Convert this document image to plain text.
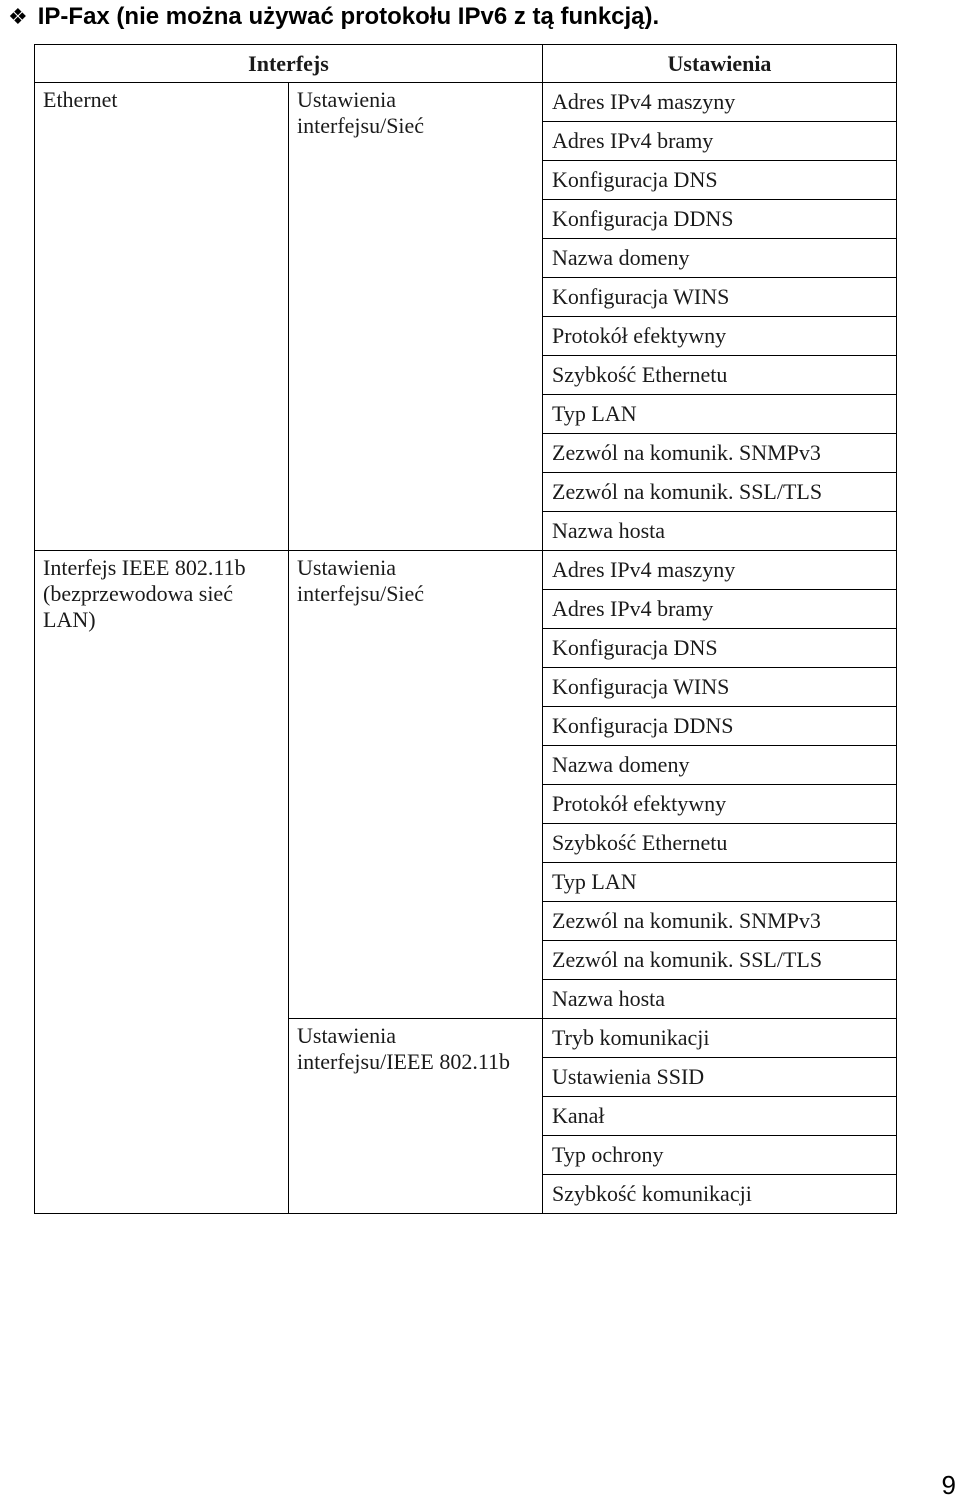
❖ IP-Fax (nie można używać protokołu IPv6 z tą funkcją).
Interfejs	Ustawienia
Ethernet	Ustawienia
interfejsu/Sieć
Adres IPv4 maszyny
Adres IPv4 bramy
Konfiguracja DNS
Konfiguracja DDNS
Nazwa domeny
Konfiguracja WINS
Protokół efektywny
Szybkość Ethernetu
Typ LAN
Zezwól na komunik. SNMPv3
Zezwól na komunik. SSL/TLS
Nazwa hosta
Interfejs IEEE 802.11b
(bezprzewodowa sieć
LAN)
Ustawienia
interfejsu/Sieć
Adres IPv4 maszyny
Adres IPv4 bramy
Konfiguracja DNS
Konfiguracja WINS
Konfiguracja DDNS
Nazwa domeny
Protokół efektywny
Szybkość Ethernetu
Typ LAN
Zezwól na komunik. SNMPv3
Zezwól na komunik. SSL/TLS
Nazwa hosta
Ustawienia
interfejsu/IEEE 802.11b
Tryb komunikacji
Ustawienia SSID
Kanał
Typ ochrony
Szybkość komunikacji
9
